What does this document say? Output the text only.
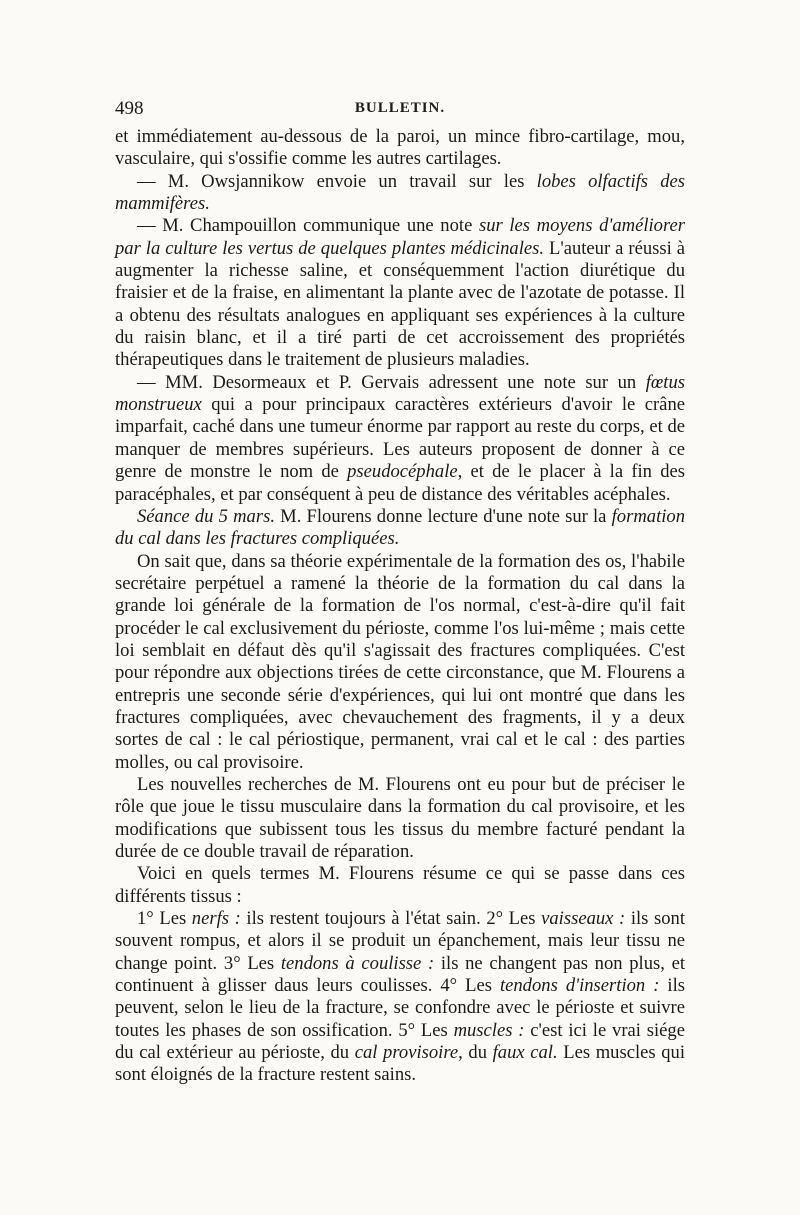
498	BULLETIN.

et immédiatement au-dessous de la paroi, un mince fibro-cartilage, mou, vasculaire, qui s'ossifie comme les autres cartilages.

— M. Owsjannikow envoie un travail sur les lobes olfactifs des mammifères.

— M. Champouillon communique une note sur les moyens d'améliorer par la culture les vertus de quelques plantes médicinales. L'auteur a réussi à augmenter la richesse saline, et conséquemment l'action diurétique du fraisier et de la fraise, en alimentant la plante avec de l'azotate de potasse. Il a obtenu des résultats analogues en appliquant ses expériences à la culture du raisin blanc, et il a tiré parti de cet accroissement des propriétés thérapeutiques dans le traitement de plusieurs maladies.

— MM. Desormeaux et P. Gervais adressent une note sur un fœtus monstrueux qui a pour principaux caractères extérieurs d'avoir le crâne imparfait, caché dans une tumeur énorme par rapport au reste du corps, et de manquer de membres supérieurs. Les auteurs proposent de donner à ce genre de monstre le nom de pseudocéphale, et de le placer à la fin des paracéphales, et par conséquent à peu de distance des véritables acéphales.

Séance du 5 mars. M. Flourens donne lecture d'une note sur la formation du cal dans les fractures compliquées.

On sait que, dans sa théorie expérimentale de la formation des os, l'habile secrétaire perpétuel a ramené la théorie de la formation du cal dans la grande loi générale de la formation de l'os normal, c'est-à-dire qu'il fait procéder le cal exclusivement du périoste, comme l'os lui-même ; mais cette loi semblait en défaut dès qu'il s'agissait des fractures compliquées. C'est pour répondre aux objections tirées de cette circonstance, que M. Flourens a entrepris une seconde série d'expériences, qui lui ont montré que dans les fractures compliquées, avec chevauchement des fragments, il y a deux sortes de cal : le cal périostique, permanent, vrai cal et le cal : des parties molles, ou cal provisoire.

Les nouvelles recherches de M. Flourens ont eu pour but de préciser le rôle que joue le tissu musculaire dans la formation du cal provisoire, et les modifications que subissent tous les tissus du membre facturé pendant la durée de ce double travail de réparation.

Voici en quels termes M. Flourens résume ce qui se passe dans ces différents tissus :

1° Les nerfs : ils restent toujours à l'état sain. 2° Les vaisseaux : ils sont souvent rompus, et alors il se produit un épanchement, mais leur tissu ne change point. 3° Les tendons à coulisse : ils ne changent pas non plus, et continuent à glisser daus leurs coulisses. 4° Les tendons d'insertion : ils peuvent, selon le lieu de la fracture, se confondre avec le périoste et suivre toutes les phases de son ossification. 5° Les muscles : c'est ici le vrai siége du cal extérieur au périoste, du cal provisoire, du faux cal. Les muscles qui sont éloignés de la fracture restent sains.
